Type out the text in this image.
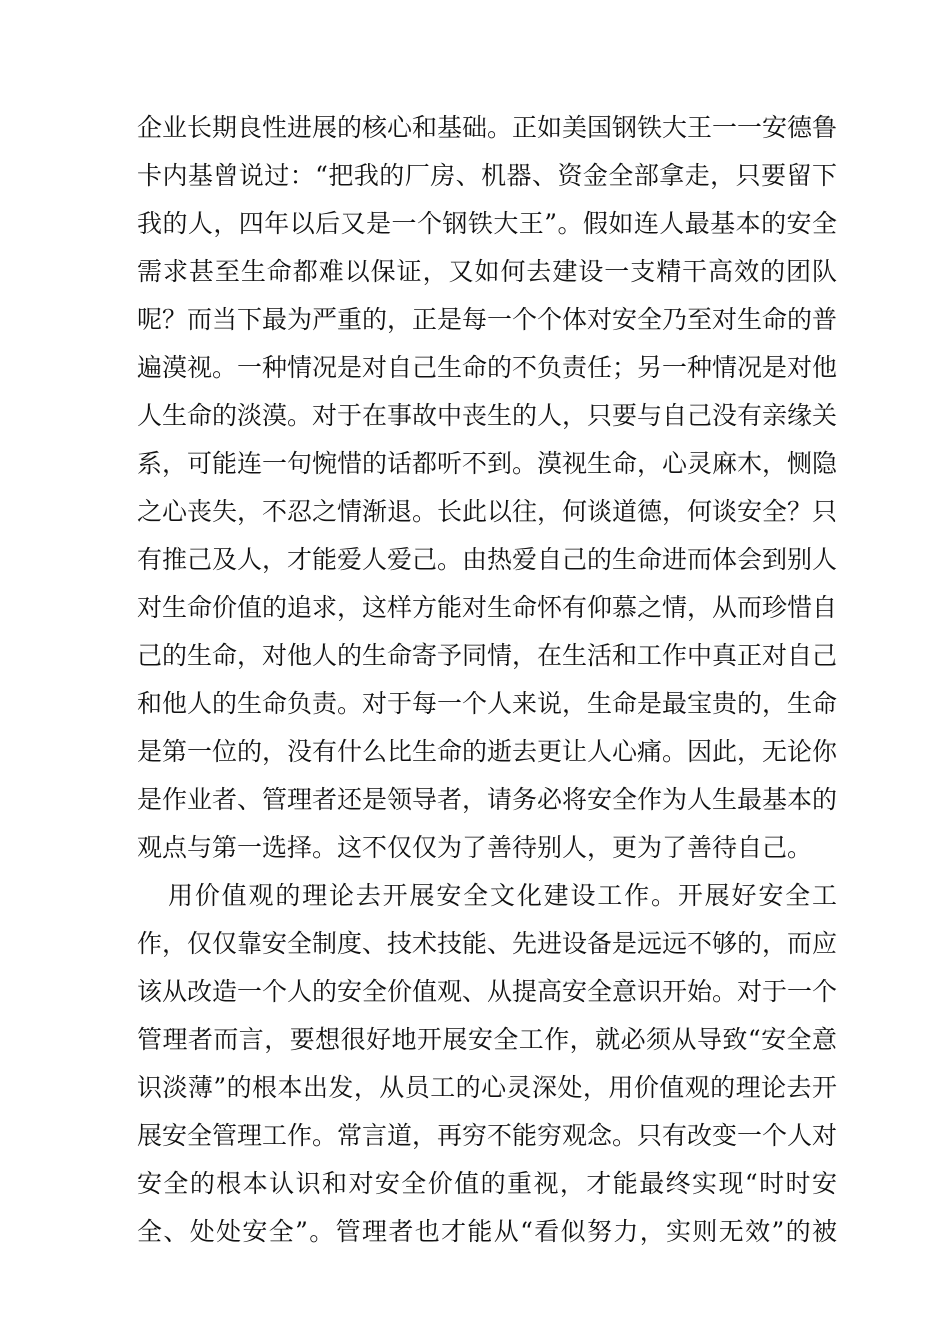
企业长期良性进展的核心和基础。正如美国钢铁大王一一安德鲁
卡内基曾说过：“把我的厂房、机器、资金全部拿走，只要留下
我的人，四年以后又是一个钢铁大王”。假如连人最基本的安全
需求甚至生命都难以保证，又如何去建设一支精干高效的团队
呢？而当下最为严重的，正是每一个个体对安全乃至对生命的普
遍漠视。一种情况是对自己生命的不负责任；另一种情况是对他
人生命的淡漠。对于在事故中丧生的人，只要与自己没有亲缘关
系，可能连一句惋惜的话都听不到。漠视生命，心灵麻木，恻隐
之心丧失，不忍之情渐退。长此以往，何谈道德，何谈安全？只
有推己及人，才能爱人爱己。由热爱自己的生命进而体会到别人
对生命价值的追求，这样方能对生命怀有仰慕之情，从而珍惜自
己的生命，对他人的生命寄予同情，在生活和工作中真正对自己
和他人的生命负责。对于每一个人来说，生命是最宝贵的，生命
是第一位的，没有什么比生命的逝去更让人心痛。因此，无论你
是作业者、管理者还是领导者，请务必将安全作为人生最基本的
观点与第一选择。这不仅仅为了善待别人，更为了善待自己。
用价值观的理论去开展安全文化建设工作。开展好安全工
作，仅仅靠安全制度、技术技能、先进设备是远远不够的，而应
该从改造一个人的安全价值观、从提高安全意识开始。对于一个
管理者而言，要想很好地开展安全工作，就必须从导致“安全意
识淡薄”的根本出发，从员工的心灵深处，用价值观的理论去开
展安全管理工作。常言道，再穷不能穷观念。只有改变一个人对
安全的根本认识和对安全价值的重视，才能最终实现“时时安
全、处处安全”。管理者也才能从“看似努力，实则无效”的被
